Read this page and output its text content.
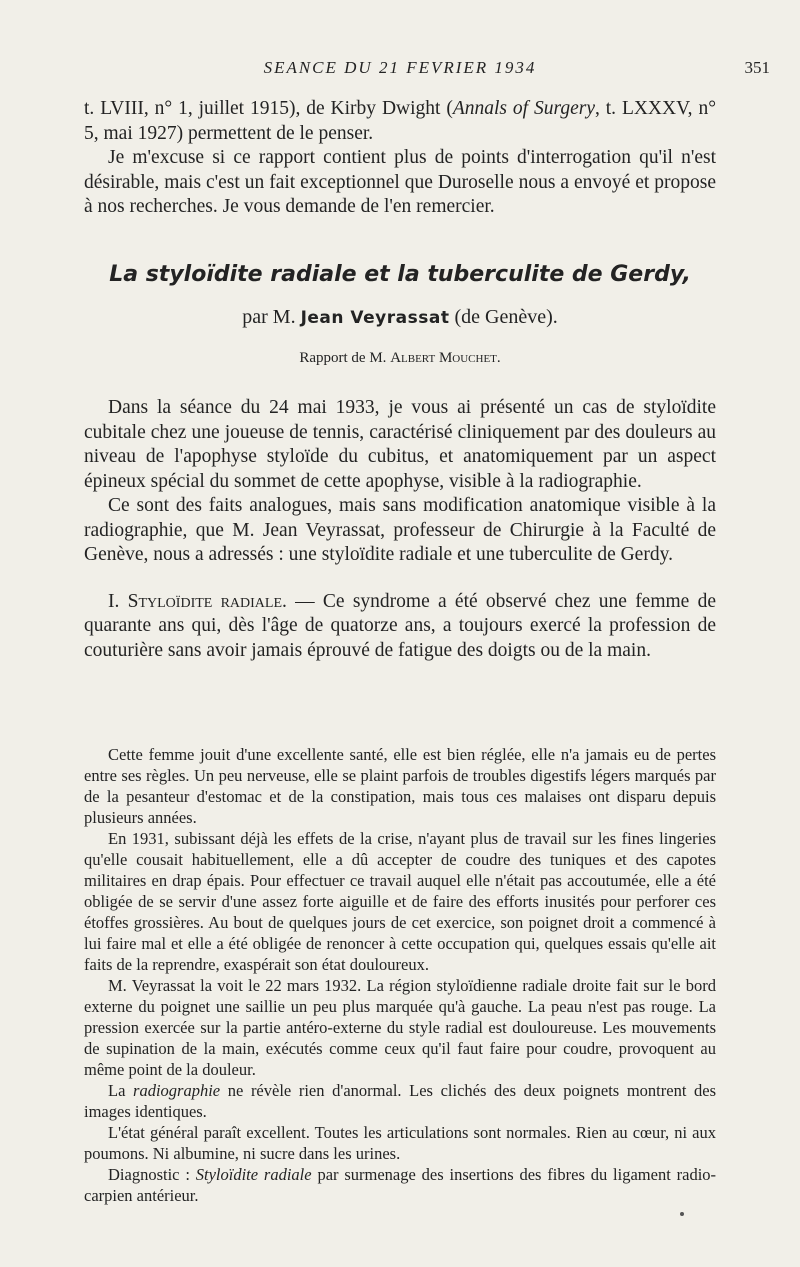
SEANCE DU 21 FEVRIER 1934	351

t. LVIII, n° 1, juillet 1915), de Kirby Dwight (Annals of Surgery, t. LXXXV, n° 5, mai 1927) permettent de le penser.

Je m'excuse si ce rapport contient plus de points d'interrogation qu'il n'est désirable, mais c'est un fait exceptionnel que Duroselle nous a envoyé et propose à nos recherches. Je vous demande de l'en remercier.

La styloïdite radiale et la tuberculite de Gerdy,
par M. Jean Veyrassat (de Genève).
Rapport de M. Albert Mouchet.

Dans la séance du 24 mai 1933, je vous ai présenté un cas de styloïdite cubitale chez une joueuse de tennis, caractérisé cliniquement par des douleurs au niveau de l'apophyse styloïde du cubitus, et anatomiquement par un aspect épineux spécial du sommet de cette apophyse, visible à la radiographie.

Ce sont des faits analogues, mais sans modification anatomique visible à la radiographie, que M. Jean Veyrassat, professeur de Chirurgie à la Faculté de Genève, nous a adressés : une styloïdite radiale et une tuberculite de Gerdy.

I. Styloïdite radiale. — Ce syndrome a été observé chez une femme de quarante ans qui, dès l'âge de quatorze ans, a toujours exercé la profession de couturière sans avoir jamais éprouvé de fatigue des doigts ou de la main.

Cette femme jouit d'une excellente santé, elle est bien réglée, elle n'a jamais eu de pertes entre ses règles. Un peu nerveuse, elle se plaint parfois de troubles digestifs légers marqués par de la pesanteur d'estomac et de la constipation, mais tous ces malaises ont disparu depuis plusieurs années.

En 1931, subissant déjà les effets de la crise, n'ayant plus de travail sur les fines lingeries qu'elle cousait habituellement, elle a dû accepter de coudre des tuniques et des capotes militaires en drap épais. Pour effectuer ce travail auquel elle n'était pas accoutumée, elle a été obligée de se servir d'une assez forte aiguille et de faire des efforts inusités pour perforer ces étoffes grossières. Au bout de quelques jours de cet exercice, son poignet droit a commencé à lui faire mal et elle a été obligée de renoncer à cette occupation qui, quelques essais qu'elle ait faits de la reprendre, exaspérait son état douloureux.

M. Veyrassat la voit le 22 mars 1932. La région styloïdienne radiale droite fait sur le bord externe du poignet une saillie un peu plus marquée qu'à gauche. La peau n'est pas rouge. La pression exercée sur la partie antéro-externe du style radial est douloureuse. Les mouvements de supination de la main, exécutés comme ceux qu'il faut faire pour coudre, provoquent au même point de la douleur.

La radiographie ne révèle rien d'anormal. Les clichés des deux poignets montrent des images identiques.

L'état général paraît excellent. Toutes les articulations sont normales. Rien au cœur, ni aux poumons. Ni albumine, ni sucre dans les urines.

Diagnostic : Styloïdite radiale par surmenage des insertions des fibres du ligament radio-carpien antérieur.
